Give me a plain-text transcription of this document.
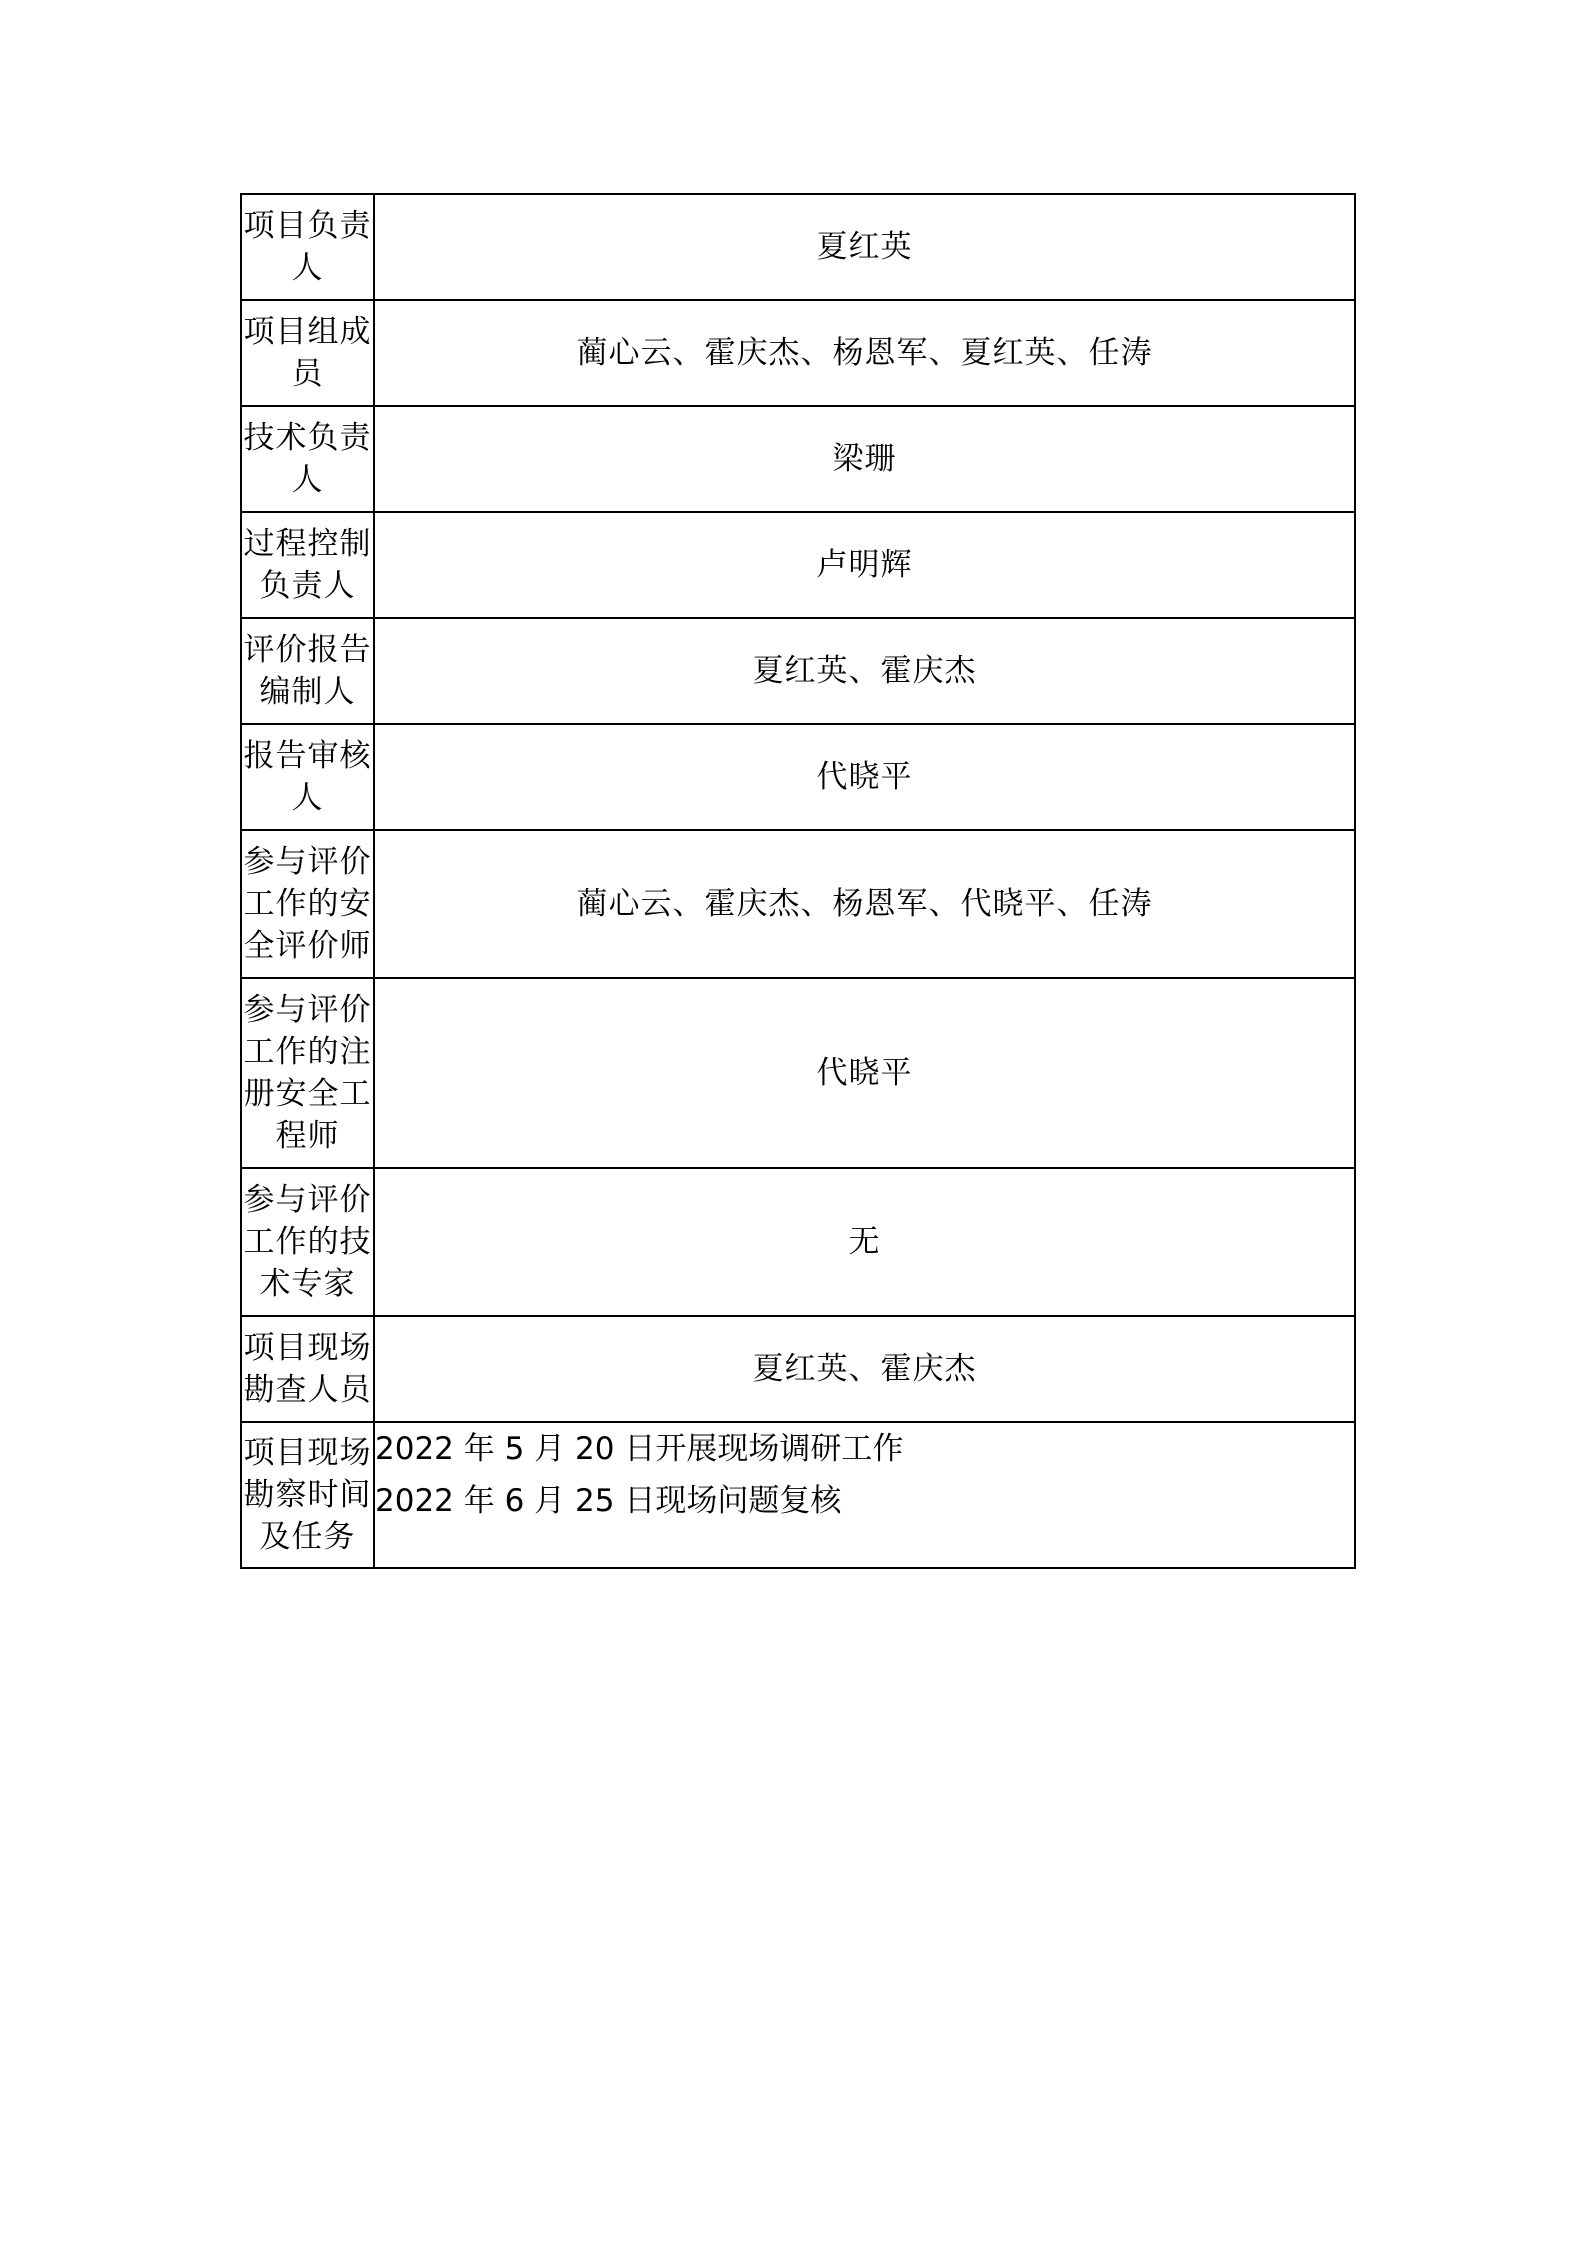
项目负责人	夏红英
项目组成员	蔺心云、霍庆杰、杨恩军、夏红英、任涛
技术负责人	梁珊
过程控制负责人	卢明辉
评价报告编制人	夏红英、霍庆杰
报告审核人	代晓平
参与评价工作的安全评价师	蔺心云、霍庆杰、杨恩军、代晓平、任涛
参与评价工作的注册安全工程师	代晓平
参与评价工作的技术专家	无
项目现场勘查人员	夏红英、霍庆杰
项目现场勘察时间及任务	2022 年 5 月 20 日开展现场调研工作
2022 年 6 月 25 日现场问题复核
